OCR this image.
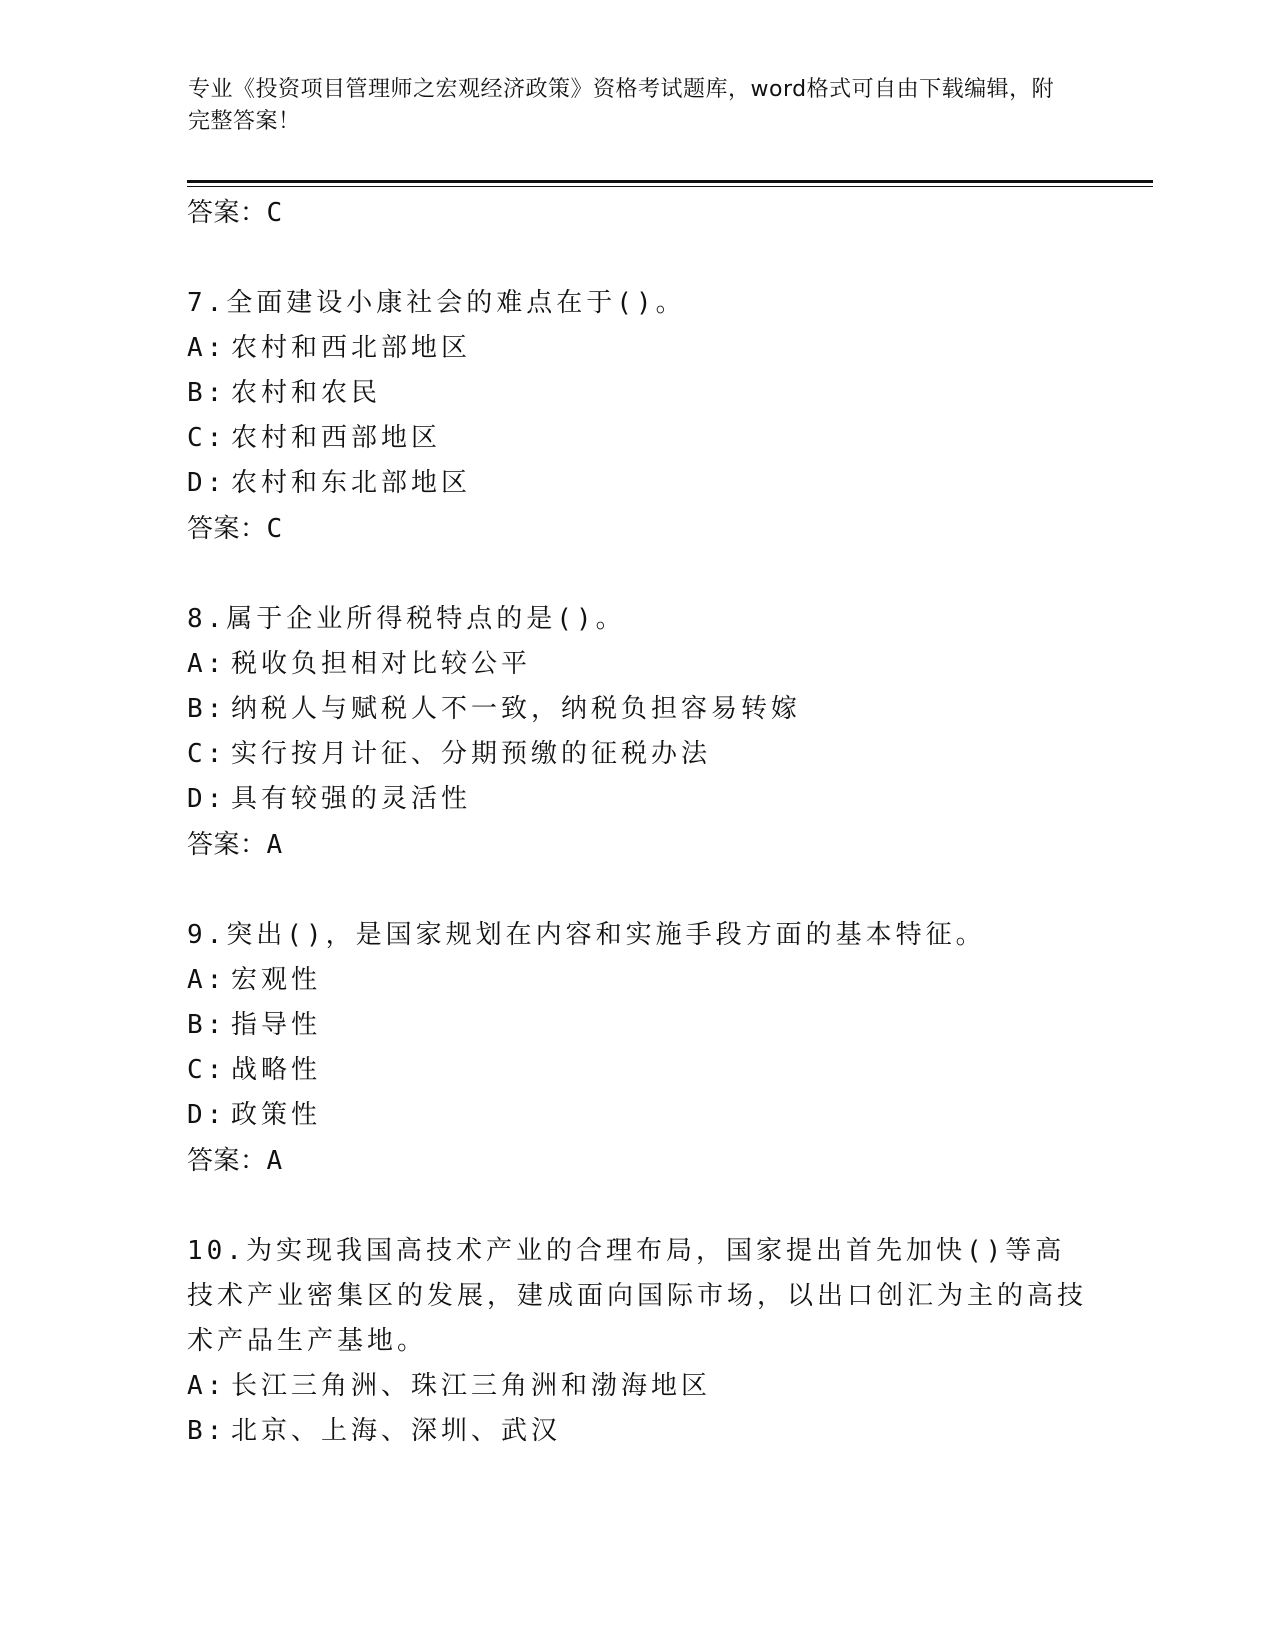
专业《投资项目管理师之宏观经济政策》资格考试题库，word格式可自由下载编辑，附完整答案！

答案：C

7.全面建设小康社会的难点在于()。

A: 农村和西北部地区

B: 农村和农民

C: 农村和西部地区

D: 农村和东北部地区

答案：C

8.属于企业所得税特点的是()。

A: 税收负担相对比较公平

B: 纳税人与赋税人不一致，纳税负担容易转嫁

C: 实行按月计征、分期预缴的征税办法

D: 具有较强的灵活性

答案：A

9.突出()，是国家规划在内容和实施手段方面的基本特征。

A: 宏观性

B: 指导性

C: 战略性

D: 政策性

答案：A

10.为实现我国高技术产业的合理布局，国家提出首先加快()等高技术产业密集区的发展，建成面向国际市场，以出口创汇为主的高技术产品生产基地。

A: 长江三角洲、珠江三角洲和渤海地区

B: 北京、上海、深圳、武汉
